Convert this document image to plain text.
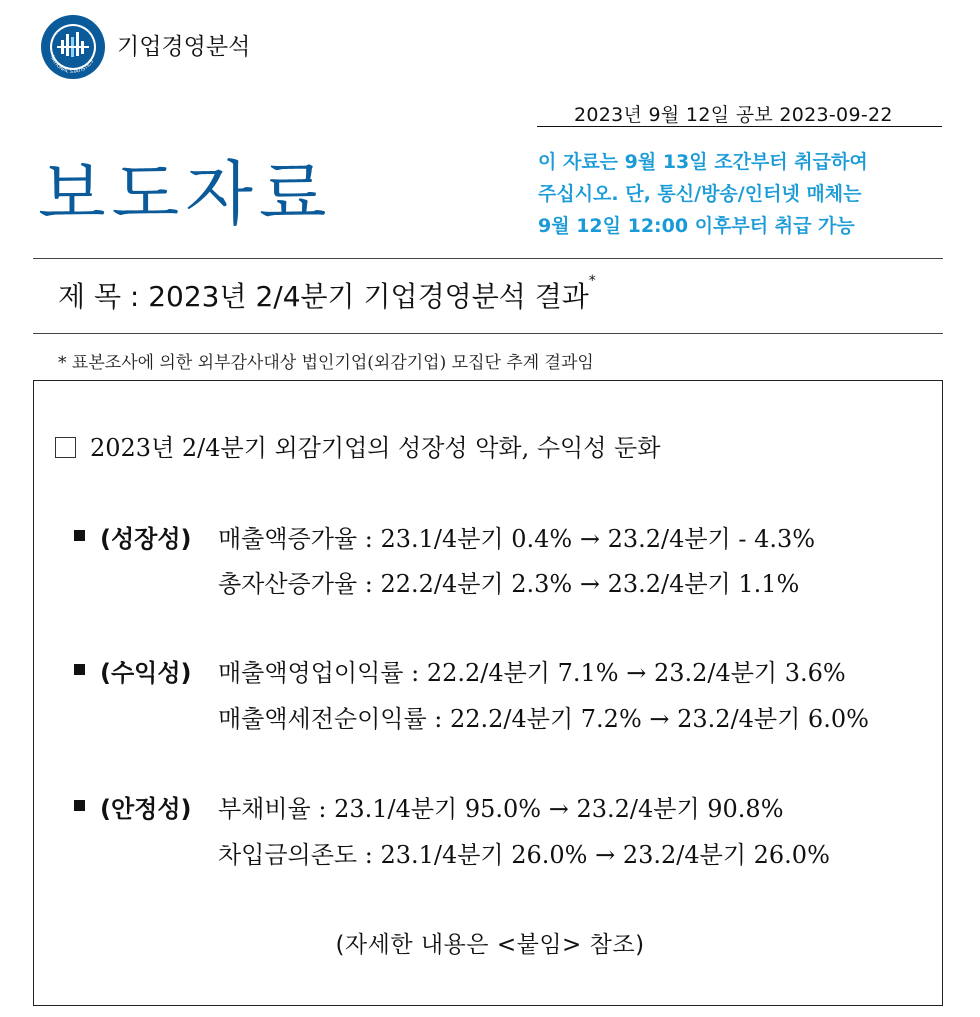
NATIONAL STATISTICS
기업경영분석
2023년 9월 12일 공보 2023-09-22
보도자료	이 자료는 9월 13일 조간부터 취급하여
주십시오. 단, 통신/방송/인터넷 매체는
9월 12일 12:00 이후부터 취급 가능
제 목 : 2023년 2/4분기 기업경영분석 결과*
* 표본조사에 의한 외부감사대상 법인기업(외감기업) 모집단 추계 결과임
2023년 2/4분기 외감기업의 성장성 악화, 수익성 둔화
(성장성) 매출액증가율 : 23.1/4분기 0.4% → 23.2/4분기 - 4.3%
총자산증가율 : 22.2/4분기 2.3% → 23.2/4분기 1.1%
(수익성) 매출액영업이익률 : 22.2/4분기 7.1% → 23.2/4분기 3.6%
매출액세전순이익률 : 22.2/4분기 7.2% → 23.2/4분기 6.0%
(안정성) 부채비율 : 23.1/4분기 95.0% → 23.2/4분기 90.8%
차입금의존도 : 23.1/4분기 26.0% → 23.2/4분기 26.0%
(자세한 내용은 <붙임> 참조)
